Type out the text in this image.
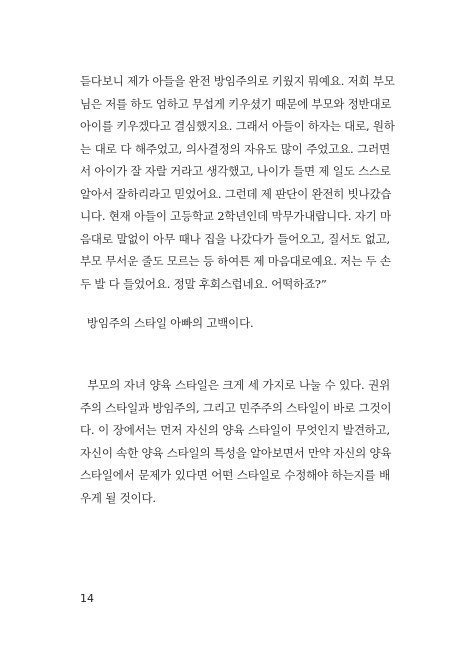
듣다보니 제가 아들을 완전 방임주의로 키웠지 뭐예요. 저희 부모
님은 저를 하도 엄하고 무섭게 키우셨기 때문에 부모와 정반대로
아이를 키우겠다고 결심했지요. 그래서 아들이 하자는 대로, 원하
는 대로 다 해주었고, 의사결정의 자유도 많이 주었고요. 그러면
서 아이가 잘 자랄 거라고 생각했고, 나이가 들면 제 일도 스스로
알아서 잘하리라고 믿었어요. 그런데 제 판단이 완전히 빗나갔습
니다. 현재 아들이 고등학교 2학년인데 막무가내랍니다. 자기 마
음대로 말없이 아무 때나 집을 나갔다가 들어오고, 질서도 없고,
부모 무서운 줄도 모르는 등 하여튼 제 마음대로예요. 저는 두 손
두 발 다 들었어요. 정말 후회스럽네요. 어떡하죠?”
방임주의 스타일 아빠의 고백이다.
부모의 자녀 양육 스타일은 크게 세 가지로 나눌 수 있다. 권위
주의 스타일과 방임주의, 그리고 민주주의 스타일이 바로 그것이
다. 이 장에서는 먼저 자신의 양육 스타일이 무엇인지 발견하고,
자신이 속한 양육 스타일의 특성을 알아보면서 만약 자신의 양육
스타일에서 문제가 있다면 어떤 스타일로 수정해야 하는지를 배
우게 될 것이다.
14
